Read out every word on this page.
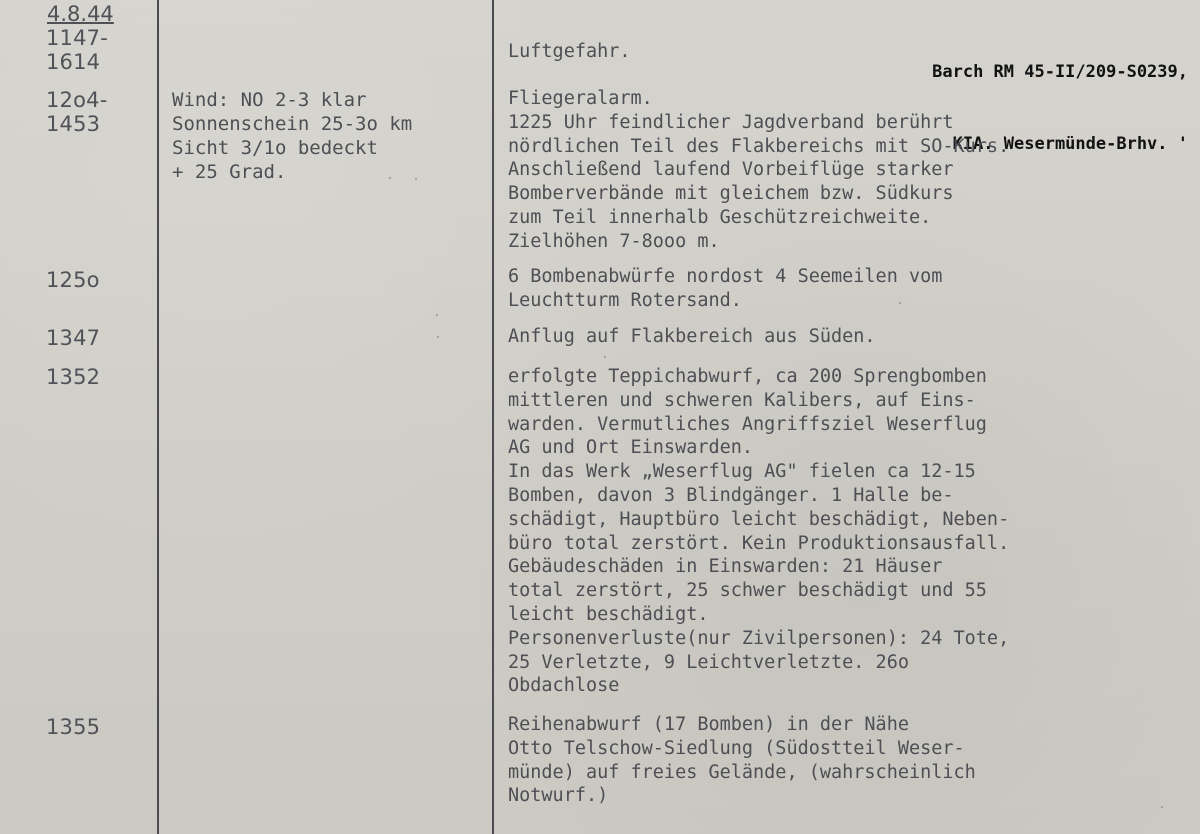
Barch RM 45-II/209-S0239,

KIA. Wesermünde-Brhv. '

4.8.44
1147-
1614
12o4-
1453
125o
1347
1352
1355
Wind: NO 2-3 klar
Sonnenschein 25-3o km
Sicht 3/1o bedeckt
+ 25 Grad.
Luftgefahr.
Fliegeralarm.
1225 Uhr feindlicher Jagdverband berührt
nördlichen Teil des Flakbereichs mit SO-Kurs.
Anschließend laufend Vorbeiflüge starker
Bomberverbände mit gleichem bzw. Südkurs
zum Teil innerhalb Geschützreichweite.
Zielhöhen 7-8ooo m.
6 Bombenabwürfe nordost 4 Seemeilen vom
Leuchtturm Rotersand.
Anflug auf Flakbereich aus Süden.
erfolgte Teppichabwurf, ca 200 Sprengbomben
mittleren und schweren Kalibers, auf Eins-
warden. Vermutliches Angriffsziel Weserflug
AG und Ort Einswarden.
In das Werk „Weserflug AG" fielen ca 12-15
Bomben, davon 3 Blindgänger. 1 Halle be-
schädigt, Hauptbüro leicht beschädigt, Neben-
büro total zerstört. Kein Produktionsausfall.
Gebäudeschäden in Einswarden: 21 Häuser
total zerstört, 25 schwer beschädigt und 55
leicht beschädigt.
Personenverluste(nur Zivilpersonen): 24 Tote,
25 Verletzte, 9 Leichtverletzte. 26o
Obdachlose
Reihenabwurf (17 Bomben) in der Nähe
Otto Telschow-Siedlung (Südostteil Weser-
münde) auf freies Gelände, (wahrscheinlich
Notwurf.)
